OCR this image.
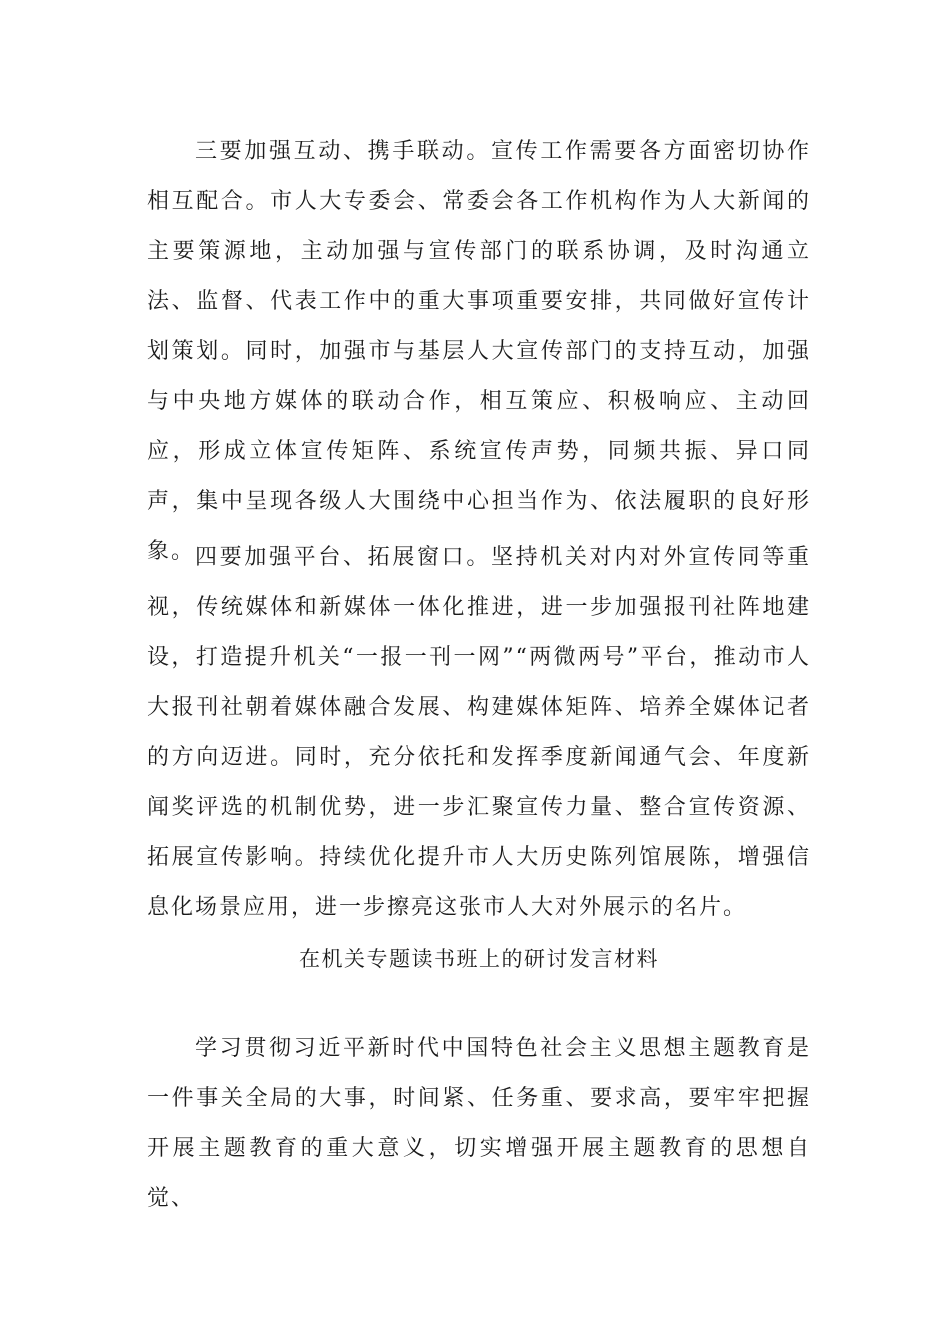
三要加强互动、携手联动。宣传工作需要各方面密切协作相互配合。市人大专委会、常委会各工作机构作为人大新闻的主要策源地，主动加强与宣传部门的联系协调，及时沟通立法、监督、代表工作中的重大事项重要安排，共同做好宣传计划策划。同时，加强市与基层人大宣传部门的支持互动，加强与中央地方媒体的联动合作，相互策应、积极响应、主动回应，形成立体宣传矩阵、系统宣传声势，同频共振、异口同声，集中呈现各级人大围绕中心担当作为、依法履职的良好形象。 四要加强平台、拓展窗口。坚持机关对内对外宣传同等重视，传统媒体和新媒体一体化推进，进一步加强报刊社阵地建设，打造提升机关“一报一刊一网”“两微两号”平台，推动市人大报刊社朝着媒体融合发展、构建媒体矩阵、培养全媒体记者的方向迈进。同时，充分依托和发挥季度新闻通气会、年度新闻奖评选的机制优势，进一步汇聚宣传力量、整合宣传资源、拓展宣传影响。持续优化提升市人大历史陈列馆展陈，增强信息化场景应用，进一步擦亮这张市人大对外展示的名片。

在机关专题读书班上的研讨发言材料

学习贯彻习近平新时代中国特色社会主义思想主题教育是一件事关全局的大事，时间紧、任务重、要求高，要牢牢把握开展主题教育的重大意义，切实增强开展主题教育的思想自觉、
